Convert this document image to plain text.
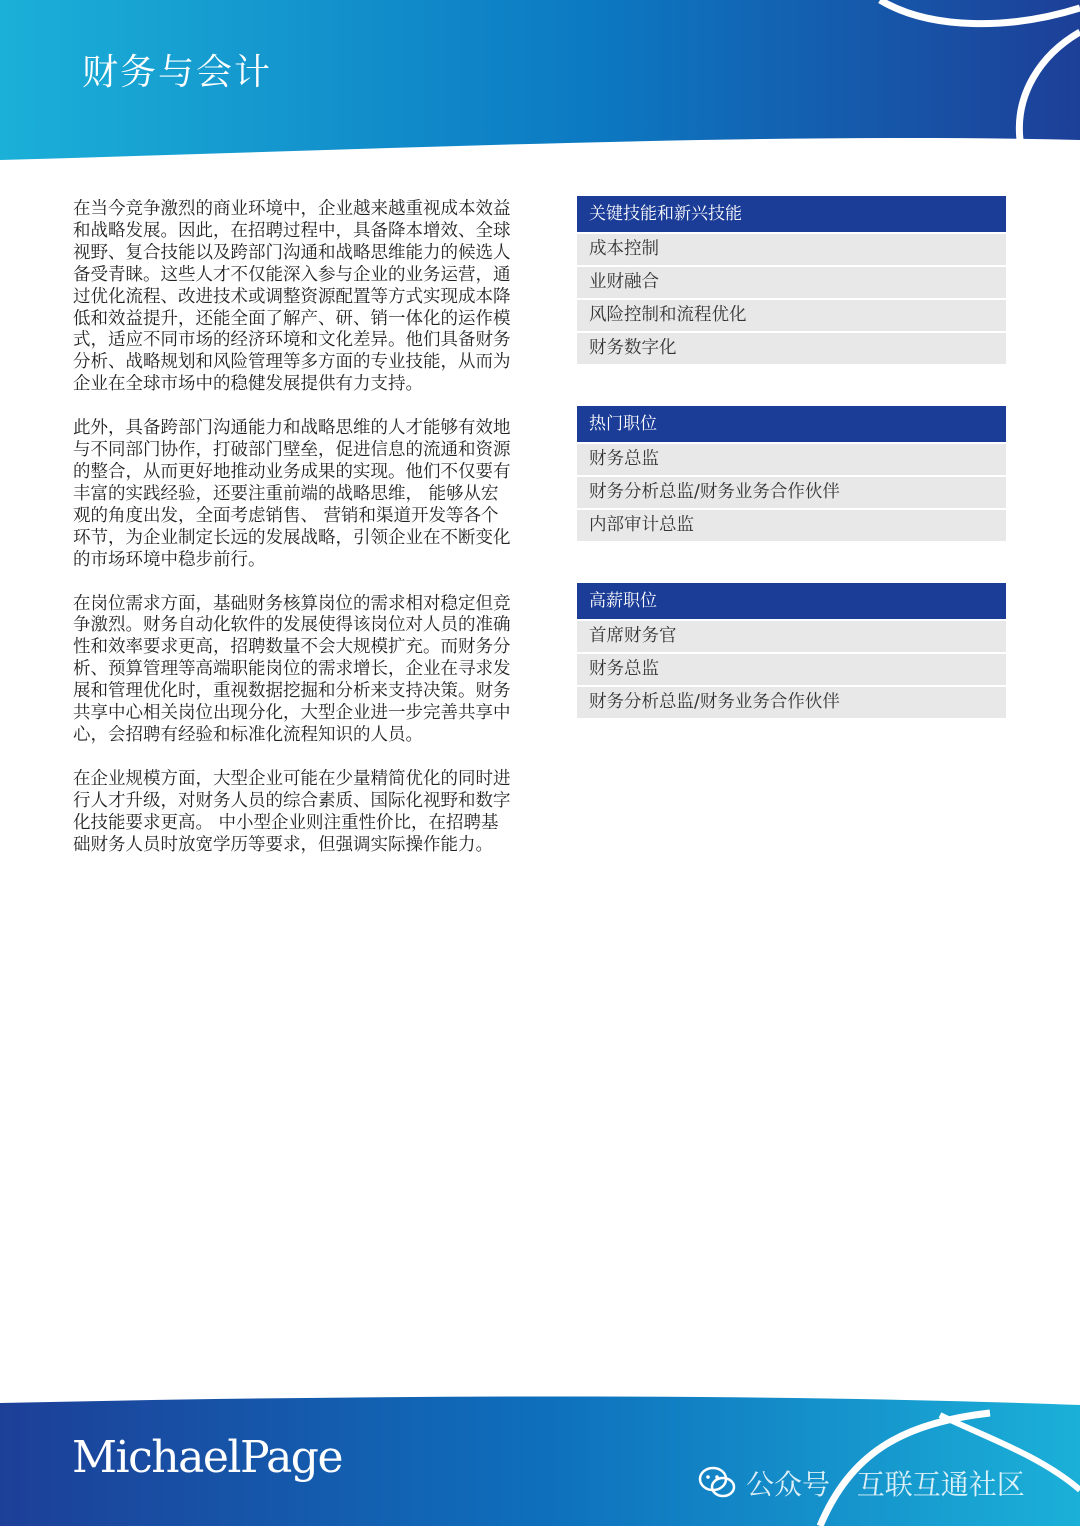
财务与会计

在当今竞争激烈的商业环境中，企业越来越重视成本效益和战略发展。因此，在招聘过程中，具备降本增效、全球视野、复合技能以及跨部门沟通和战略思维能力的候选人备受青睐。这些人才不仅能深入参与企业的业务运营，通过优化流程、改进技术或调整资源配置等方式实现成本降低和效益提升，还能全面了解产、研、销一体化的运作模式，适应不同市场的经济环境和文化差异。他们具备财务分析、战略规划和风险管理等多方面的专业技能，从而为企业在全球市场中的稳健发展提供有力支持。

此外，具备跨部门沟通能力和战略思维的人才能够有效地与不同部门协作，打破部门壁垒，促进信息的流通和资源的整合，从而更好地推动业务成果的实现。他们不仅要有丰富的实践经验，还要注重前端的战略思维， 能够从宏观的角度出发，全面考虑销售、 营销和渠道开发等各个环节，为企业制定长远的发展战略，引领企业在不断变化的市场环境中稳步前行。

在岗位需求方面，基础财务核算岗位的需求相对稳定但竞争激烈。财务自动化软件的发展使得该岗位对人员的准确性和效率要求更高，招聘数量不会大规模扩充。而财务分析、预算管理等高端职能岗位的需求增长，企业在寻求发展和管理优化时，重视数据挖掘和分析来支持决策。财务共享中心相关岗位出现分化，大型企业进一步完善共享中心，会招聘有经验和标准化流程知识的人员。

在企业规模方面，大型企业可能在少量精简优化的同时进行人才升级，对财务人员的综合素质、国际化视野和数字化技能要求更高。 中小型企业则注重性价比，在招聘基础财务人员时放宽学历等要求，但强调实际操作能力。

关键技能和新兴技能
成本控制
业财融合
风险控制和流程优化
财务数字化
热门职位
财务总监
财务分析总监/财务业务合作伙伴
内部审计总监
高薪职位
首席财务官
财务总监
财务分析总监/财务业务合作伙伴
MichaelPage
公众号 · 互联互通社区
